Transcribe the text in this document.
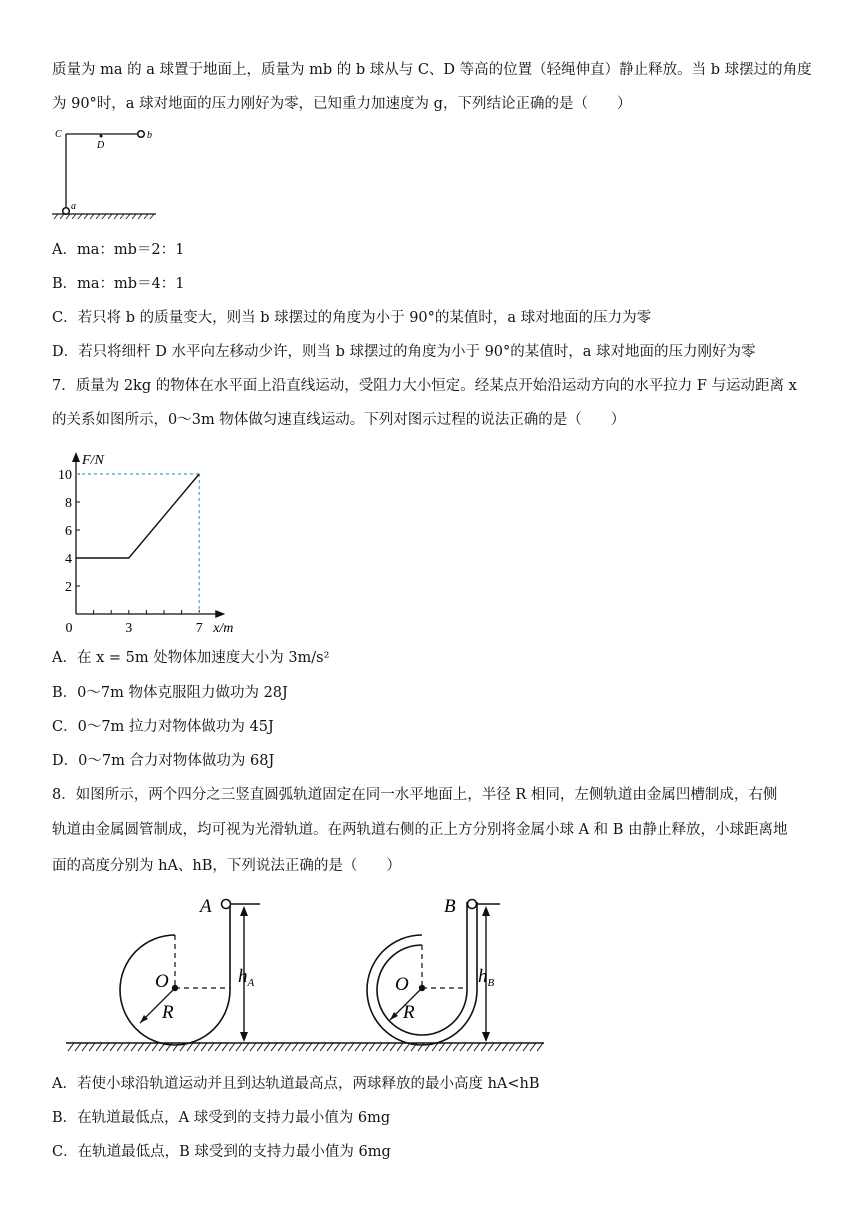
质量为 ma 的 a 球置于地面上，质量为 mb 的 b 球从与 C、D 等高的位置（轻绳伸直）静止释放。当 b 球摆过的角度
为 90°时，a 球对地面的压力刚好为零，已知重力加速度为 g，下列结论正确的是（　　）
C
D
b
a
A．ma：mb＝2：1
B．ma：mb＝4：1
C．若只将 b 的质量变大，则当 b 球摆过的角度为小于 90°的某值时，a 球对地面的压力为零
D．若只将细杆 D 水平向左移动少许，则当 b 球摆过的角度为小于 90°的某值时，a 球对地面的压力刚好为零
7．质量为 2kg 的物体在水平面上沿直线运动，受阻力大小恒定。经某点开始沿运动方向的水平拉力 F 与运动距离 x
的关系如图所示，0～3m 物体做匀速直线运动。下列对图示过程的说法正确的是（　　）
2
4
6
8
10
0	3	7 x/m
F/N
A．在 x = 5m 处物体加速度大小为 3m/s²
B．0～7m 物体克服阻力做功为 28J
C．0～7m 拉力对物体做功为 45J
D．0～7m 合力对物体做功为 68J
8．如图所示，两个四分之三竖直圆弧轨道固定在同一水平地面上，半径 R 相同，左侧轨道由金属凹槽制成，右侧
轨道由金属圆管制成，均可视为光滑轨道。在两轨道右侧的正上方分别将金属小球 A 和 B 由静止释放，小球距离地
面的高度分别为 hA、hB，下列说法正确的是（　　）
A
O
R
$h_A$
B
O
R
$h_B$
A．若使小球沿轨道运动并且到达轨道最高点，两球释放的最小高度 hA<hB
B．在轨道最低点，A 球受到的支持力最小值为 6mg
C．在轨道最低点，B 球受到的支持力最小值为 6mg
